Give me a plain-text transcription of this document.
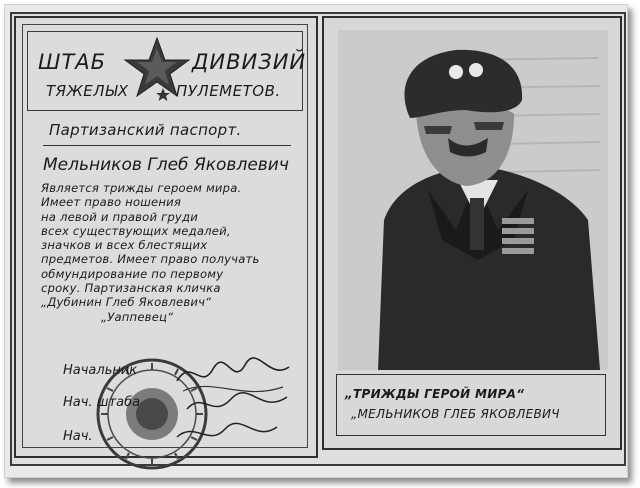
ШТАБ	ДИВИЗИЙ
ТЯЖЕЛЫХ	ПУЛЕМЕТОВ.
Партизанский паспорт.
Мельников Глеб Яковлевич
Является трижды героем мира.
Имеет право ношения
на левой и правой груди
всех существующих медалей,
значков и всех блестящих
предметов. Имеет право получать
обмундирование по первому
сроку. Партизанская кличка
„Дубинин Глеб Яковлевич“
„Уаппевец“
Начальник
Нач. штаба
Нач.
„ТРИЖДЫ ГЕРОЙ МИРА“
„МЕЛЬНИКОВ ГЛЕБ ЯКОВЛЕВИЧ
